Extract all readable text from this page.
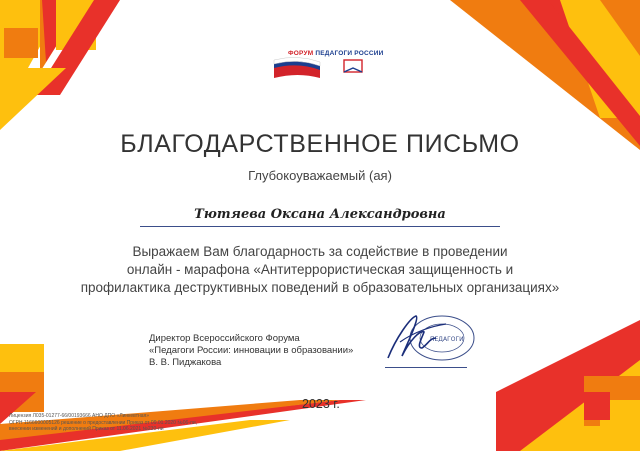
ФОРУМ ПЕДАГОГИ РОССИИ
БЛАГОДАРСТВЕННОЕ ПИСЬМО
Глубокоуважаемый (ая)
Тютяева Оксана Александровна
Выражаем Вам благодарность за содействие в проведении
онлайн - марафона «Антитеррористическая защищенность и
профилактика деструктивных поведений в образовательных организациях»
Директор Всероссийского Форума
«Педагоги России: инновации в образовании»
В. В. Пиджакова
ПЕДАГОГИ
2023 г.
Лицензия Л035-01277-66/00193666 АНО ДПО «Линкевтная»
ОГРН 1166600005126 решение о предоставлении Приказ от 09.01.2020 №06-ли,
внесении изменений и дополнений Приказ от 11.06.2021 №230-ли
